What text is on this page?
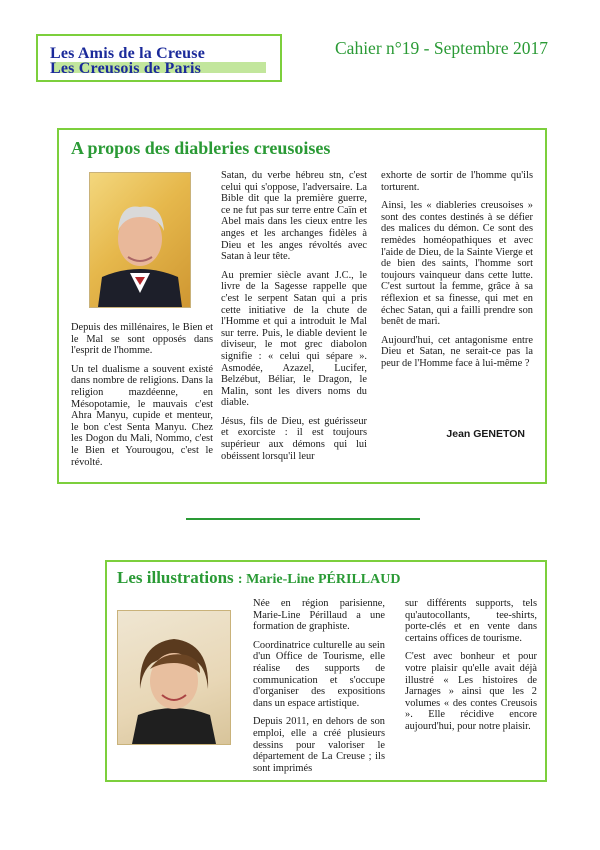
Les Amis de la Creuse
Les Creusois de Paris
Cahier n°19 - Septembre 2017
A propos des diableries creusoises

Depuis des millénaires, le Bien et le Mal se sont opposés dans l'esprit de l'homme.

Un tel dualisme a souvent existé dans nombre de religions. Dans la religion mazdéenne, en Mésopotamie, le mauvais c'est Ahra Manyu, cupide et menteur, le bon c'est Senta Manyu. Chez les Dogon du Mali, Nommo, c'est le Bien et Yourougou, c'est le révolté.

Satan, du verbe hébreu stn, c'est celui qui s'oppose, l'adversaire. La Bible dit que la première guerre, ce ne fut pas sur terre entre Caïn et Abel mais dans les cieux entre les anges et les archanges fidèles à Dieu et les anges révoltés avec Satan à leur tête.

Au premier siècle avant J.C., le livre de la Sagesse rappelle que c'est le serpent Satan qui a pris cette initiative de la chute de l'Homme et qui a introduit le Mal sur terre. Puis, le diable devient le diviseur, le mot grec diabolon signifie : « celui qui sépare ». Asmodée, Azazel, Lucifer, Belzébut, Béliar, le Dragon, le Malin, sont les divers noms du diable.

Jésus, fils de Dieu, est guérisseur et exorciste : il est toujours supérieur aux démons qui lui obéissent lorsqu'il leur

exhorte de sortir de l'homme qu'ils torturent.

Ainsi, les « diableries creusoises » sont des contes destinés à se défier des malices du démon. Ce sont des remèdes homéopathiques et avec l'aide de Dieu, de la Sainte Vierge et de bien des saints, l'homme sort toujours vainqueur dans cette lutte. C'est surtout la femme, grâce à sa réflexion et sa finesse, qui met en échec Satan, qui a failli prendre son benêt de mari.

Aujourd'hui, cet antagonisme entre Dieu et Satan, ne serait-ce pas la peur de l'Homme face à lui-même ?

Jean GENETON
Les illustrations : Marie-Line PÉRILLAUD

Née en région parisienne, Marie-Line Périllaud a une formation de graphiste.

Coordinatrice culturelle au sein d'un Office de Tourisme, elle réalise des supports de communication et s'occupe d'organiser des expositions dans un espace artistique.

Depuis 2011, en dehors de son emploi, elle a créé plusieurs dessins pour valoriser le département de La Creuse ; ils sont imprimés

sur différents supports, tels qu'autocollants, tee-shirts, porte-clés et en vente dans certains offices de tourisme.

C'est avec bonheur et pour votre plaisir qu'elle avait déjà illustré « Les histoires de Jarnages » ainsi que les 2 volumes « des contes Creusois ». Elle récidive encore aujourd'hui, pour notre plaisir.
